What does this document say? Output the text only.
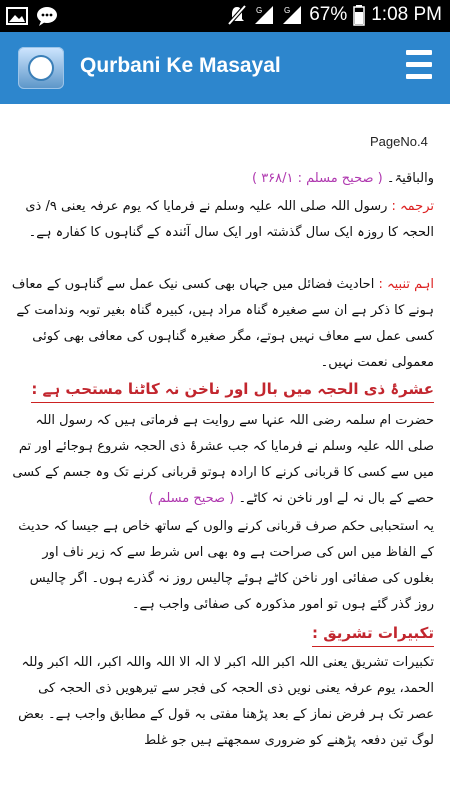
G	G 67% 1:08 PM
Qurbani Ke Masayal
PageNo.4
والباقیۃ۔ ( صحیح مسلم : ۳۶۸/۱ )
ترجمہ : رسول اللہ صلی اللہ علیہ وسلم نے فرمایا کہ یوم عرفہ یعنی ۹/ ذی الحجہ کا روزہ ایک سال گذشتہ اور ایک سال آئندہ کے گناہوں کا کفارہ ہے۔
اہم تنبیہ : احادیث فضائل میں جہاں بھی کسی نیک عمل سے گناہوں کے معاف ہونے کا ذکر ہے ان سے صغیرہ گناہ مراد ہیں، کبیرہ گناہ بغیر توبہ وندامت کے کسی عمل سے معاف نہیں ہوتے، مگر صغیرہ گناہوں کی معافی بھی کوئی معمولی نعمت نہیں۔
عشرۂ ذی الحجہ میں بال اور ناخن نہ کاٹنا مستحب ہے :
حضرت ام سلمہ رضی اللہ عنہا سے روایت ہے فرماتی ہیں کہ رسول اللہ صلی اللہ علیہ وسلم نے فرمایا کہ جب عشرۂ ذی الحجہ شروع ہوجائے اور تم میں سے کسی کا قربانی کرنے کا ارادہ ہوتو قربانی کرنے تک وہ جسم کے کسی حصے کے بال نہ لے اور ناخن نہ کاٹے۔ ( صحیح مسلم )
یہ استحبابی حکم صرف قربانی کرنے والوں کے ساتھ خاص ہے جیسا کہ حدیث کے الفاظ میں اس کی صراحت ہے وہ بھی اس شرط سے کہ زیر ناف اور بغلوں کی صفائی اور ناخن کاٹے ہوئے چالیس روز نہ گذرے ہوں۔ اگر چالیس روز گذر گئے ہوں تو امور مذکورہ کی صفائی واجب ہے۔
تکبیرات تشریق :
تکبیرات تشریق یعنی اللہ اکبر اللہ اکبر لا الہ الا اللہ واللہ اکبر، اللہ اکبر وللہ الحمد، یوم عرفہ یعنی نویں ذی الحجہ کی فجر سے تیرھویں ذی الحجہ کی عصر تک ہر فرض نماز کے بعد پڑھنا مفتی بہ قول کے مطابق واجب ہے۔ بعض لوگ تین دفعہ پڑھنے کو ضروری سمجھتے ہیں جو غلط
